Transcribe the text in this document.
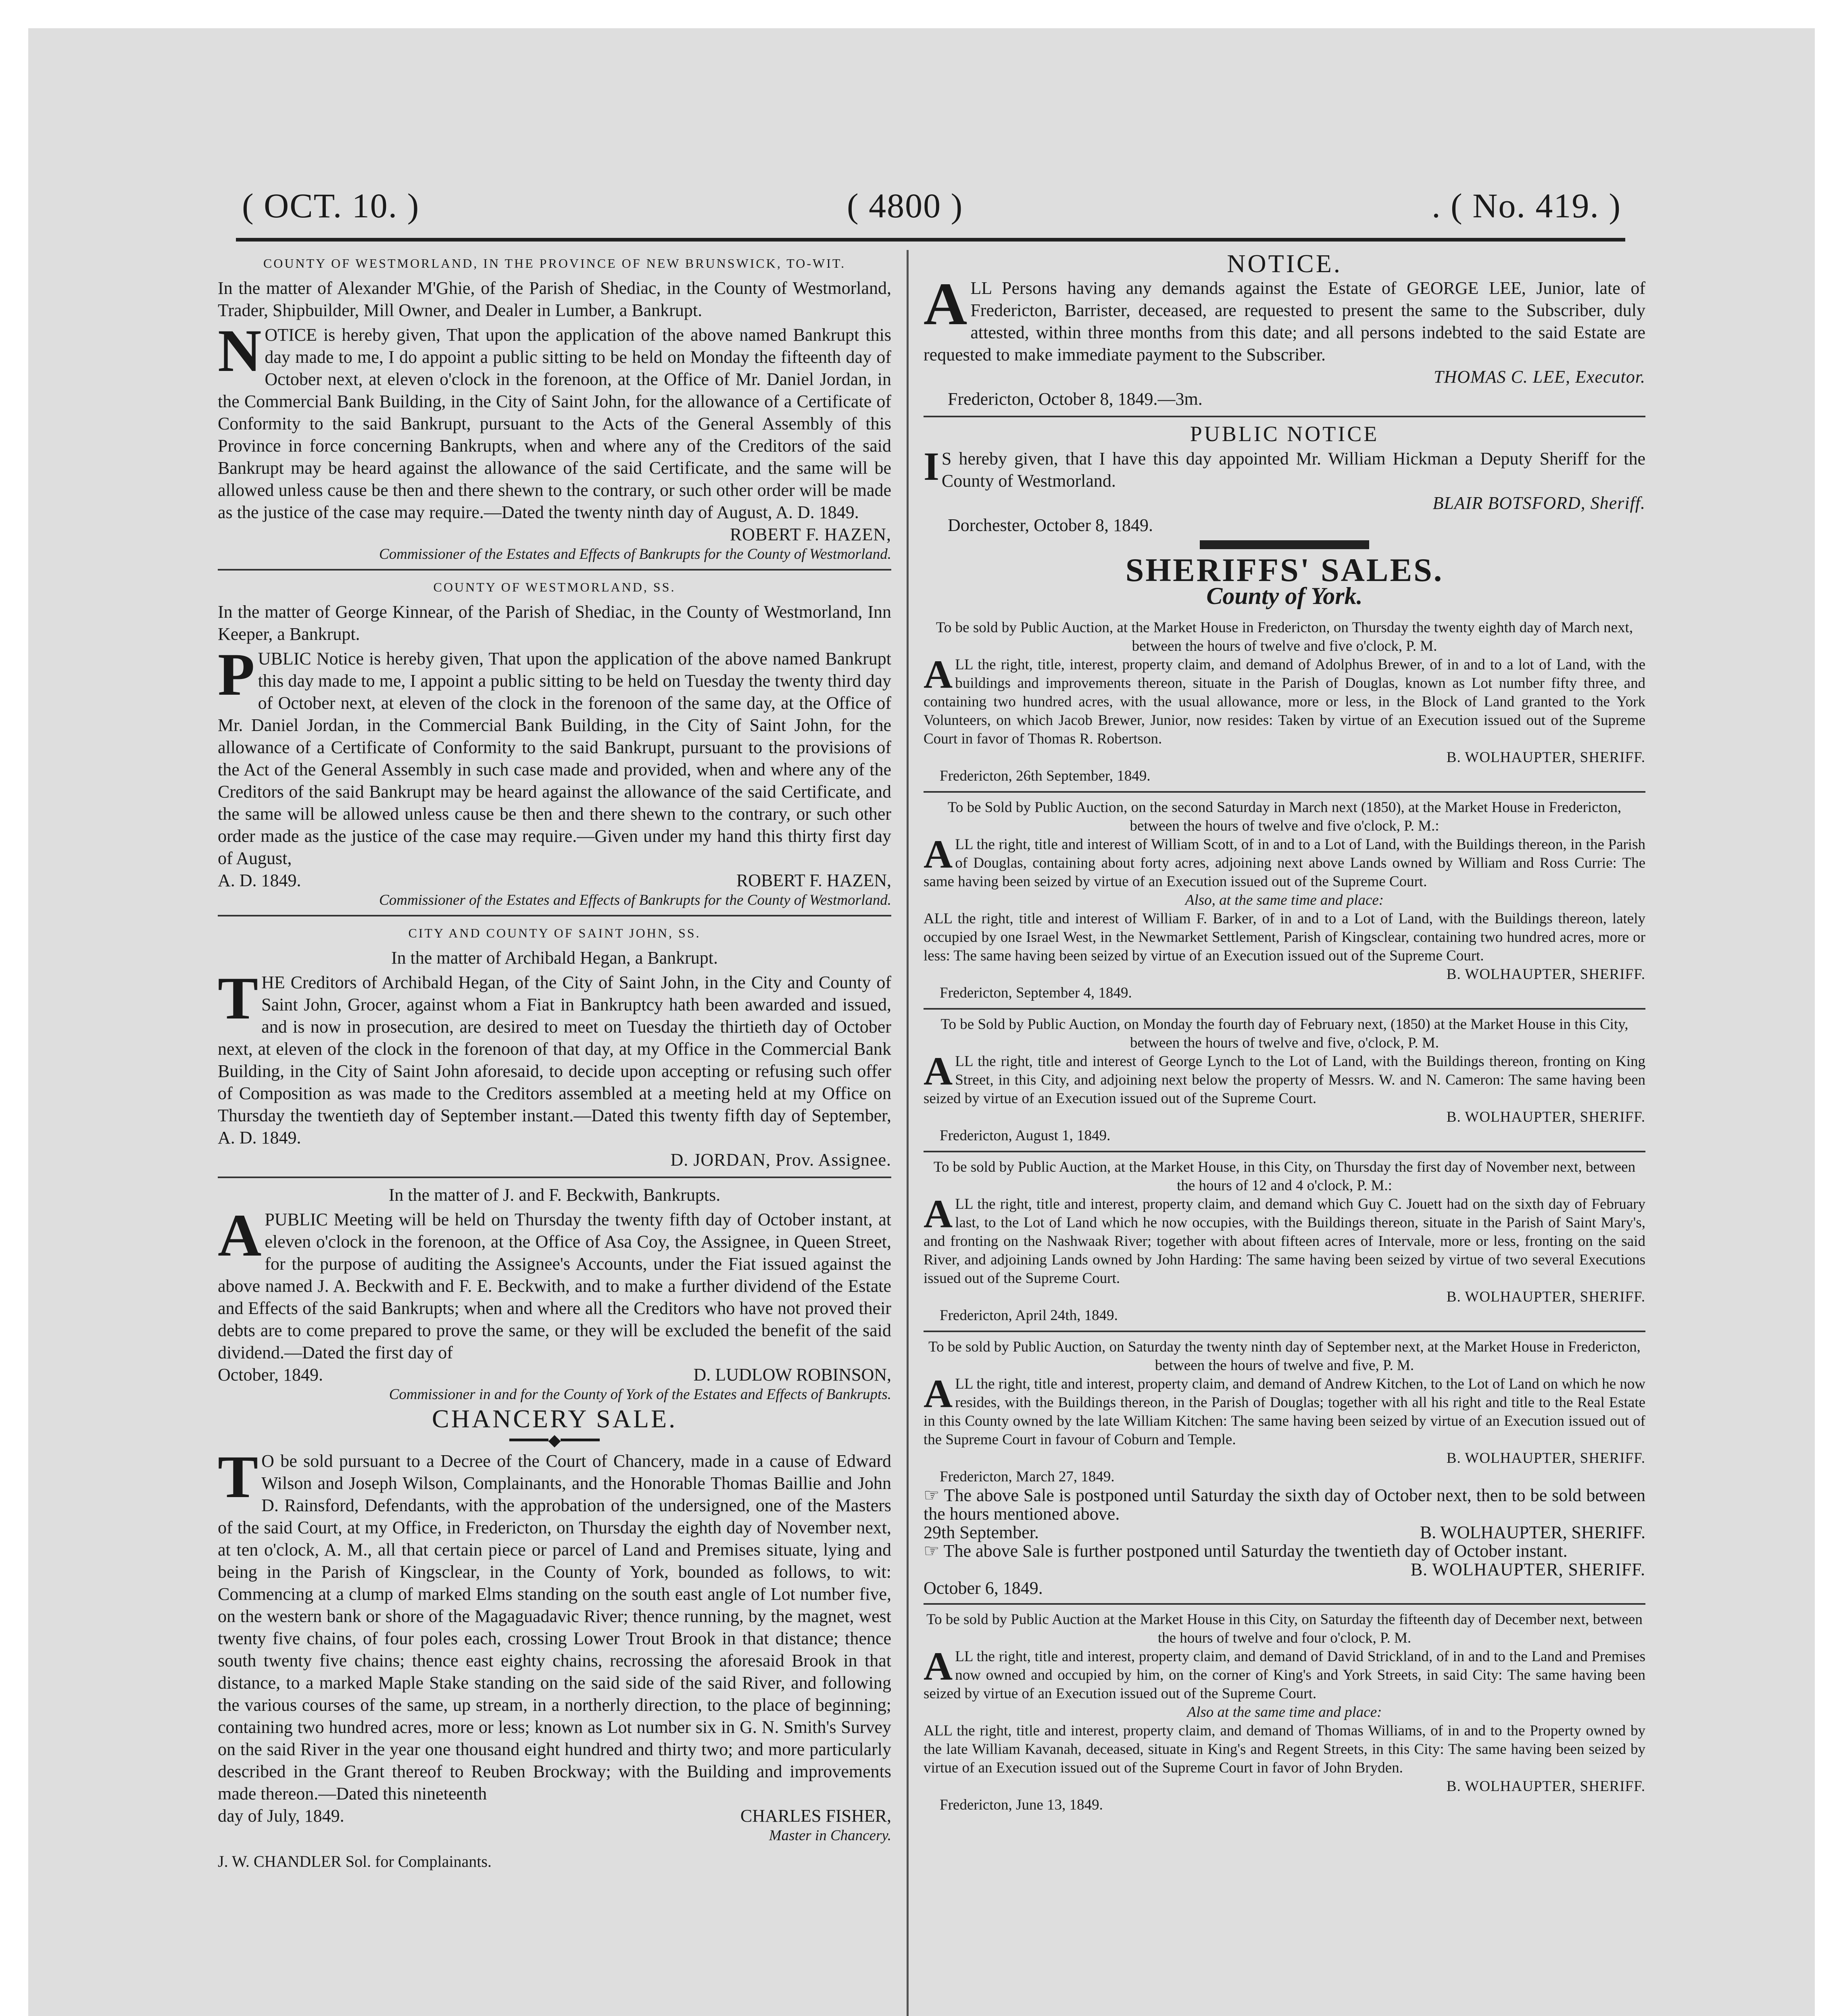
( OCT. 10. )	( 4800 )	. ( No. 419. )

COUNTY OF WESTMORLAND, IN THE PROVINCE OF NEW BRUNSWICK, TO-WIT.

In the matter of Alexander M'Ghie, of the Parish of Shediac, in the County of Westmorland, Trader, Shipbuilder, Mill Owner, and Dealer in Lumber, a Bankrupt.

NOTICE is hereby given, That upon the application of the above named Bankrupt this day made to me, I do appoint a public sitting to be held on Monday the fifteenth day of October next, at eleven o'clock in the forenoon, at the Office of Mr. Daniel Jordan, in the Commercial Bank Building, in the City of Saint John, for the allowance of a Certificate of Conformity to the said Bankrupt, pursuant to the Acts of the General Assembly of this Province in force concerning Bankrupts, when and where any of the Creditors of the said Bankrupt may be heard against the allowance of the said Certificate, and the same will be allowed unless cause be then and there shewn to the contrary, or such other order will be made as the justice of the case may require.—Dated the twenty ninth day of August, A. D. 1849.

ROBERT F. HAZEN,

Commissioner of the Estates and Effects of Bankrupts for the County of Westmorland.

COUNTY OF WESTMORLAND, SS.

In the matter of George Kinnear, of the Parish of Shediac, in the County of Westmorland, Inn Keeper, a Bankrupt.

PUBLIC Notice is hereby given, That upon the application of the above named Bankrupt this day made to me, I appoint a public sitting to be held on Tuesday the twenty third day of October next, at eleven of the clock in the forenoon of the same day, at the Office of Mr. Daniel Jordan, in the Commercial Bank Building, in the City of Saint John, for the allowance of a Certificate of Conformity to the said Bankrupt, pursuant to the provisions of the Act of the General Assembly in such case made and provided, when and where any of the Creditors of the said Bankrupt may be heard against the allowance of the said Certificate, and the same will be allowed unless cause be then and there shewn to the contrary, or such other order made as the justice of the case may require.—Given under my hand this thirty first day of August,

A. D. 1849.	ROBERT F. HAZEN,

Commissioner of the Estates and Effects of Bankrupts for the County of Westmorland.

CITY AND COUNTY OF SAINT JOHN, SS.

In the matter of Archibald Hegan, a Bankrupt.

THE Creditors of Archibald Hegan, of the City of Saint John, in the City and County of Saint John, Grocer, against whom a Fiat in Bankruptcy hath been awarded and issued, and is now in prosecution, are desired to meet on Tuesday the thirtieth day of October next, at eleven of the clock in the forenoon of that day, at my Office in the Commercial Bank Building, in the City of Saint John aforesaid, to decide upon accepting or refusing such offer of Composition as was made to the Creditors assembled at a meeting held at my Office on Thursday the twentieth day of September instant.—Dated this twenty fifth day of September, A. D. 1849.

D. JORDAN, Prov. Assignee.

In the matter of J. and F. Beckwith, Bankrupts.

APUBLIC Meeting will be held on Thursday the twenty fifth day of October instant, at eleven o'clock in the forenoon, at the Office of Asa Coy, the Assignee, in Queen Street, for the purpose of auditing the Assignee's Accounts, under the Fiat issued against the above named J. A. Beckwith and F. E. Beckwith, and to make a further dividend of the Estate and Effects of the said Bankrupts; when and where all the Creditors who have not proved their debts are to come prepared to prove the same, or they will be excluded the benefit of the said dividend.—Dated the first day of

October, 1849.	D. LUDLOW ROBINSON,

Commissioner in and for the County of York of the Estates and Effects of Bankrupts.

CHANCERY SALE.

━━━━◆━━━━

T O be sold pursuant to a Decree of the Court of Chancery, made in a cause of Edward Wilson and Joseph Wilson, Complainants, and the Honorable Thomas Baillie and John D. Rainsford, Defendants, with the approbation of the undersigned, one of the Masters of the said Court, at my Office, in Fredericton, on Thursday the eighth day of November next, at ten o'clock, A. M., all that certain piece or parcel of Land and Premises situate, lying and being in the Parish of Kingsclear, in the County of York, bounded as follows, to wit: Commencing at a clump of marked Elms standing on the south east angle of Lot number five, on the western bank or shore of the Magaguadavic River; thence running, by the magnet, west twenty five chains, of four poles each, crossing Lower Trout Brook in that distance; thence south twenty five chains; thence east eighty chains, recrossing the aforesaid Brook in that distance, to a marked Maple Stake standing on the said side of the said River, and following the various courses of the same, up stream, in a northerly direction, to the place of beginning; containing two hundred acres, more or less; known as Lot number six in G. N. Smith's Survey on the said River in the year one thousand eight hundred and thirty two; and more particularly described in the Grant thereof to Reuben Brockway; with the Building and improvements made thereon.—Dated this nineteenth

day of July, 1849.	CHARLES FISHER,

Master in Chancery.

J. W. CHANDLER Sol. for Complainants.

NOTICE.

ALL Persons having any demands against the Estate of GEORGE LEE, Junior, late of Fredericton, Barrister, deceased, are requested to present the same to the Subscriber, duly attested, within three months from this date; and all persons indebted to the said Estate are requested to make immediate payment to the Subscriber.

THOMAS C. LEE, Executor.

Fredericton, October 8, 1849.—3m.

PUBLIC NOTICE

I S hereby given, that I have this day appointed Mr. William Hickman a Deputy Sheriff for the County of Westmorland.

BLAIR BOTSFORD, Sheriff.

Dorchester, October 8, 1849.

SHERIFFS' SALES.

County of York.

To be sold by Public Auction, at the Market House in Fredericton, on Thursday the twenty eighth day of March next, between the hours of twelve and five o'clock, P. M.

ALL the right, title, interest, property claim, and demand of Adolphus Brewer, of in and to a lot of Land, with the buildings and improvements thereon, situate in the Parish of Douglas, known as Lot number fifty three, and containing two hundred acres, with the usual allowance, more or less, in the Block of Land granted to the York Volunteers, on which Jacob Brewer, Junior, now resides: Taken by virtue of an Execution issued out of the Supreme Court in favor of Thomas R. Robertson.

B. WOLHAUPTER, SHERIFF.

Fredericton, 26th September, 1849.

To be Sold by Public Auction, on the second Saturday in March next (1850), at the Market House in Fredericton, between the hours of twelve and five o'clock, P. M.:

ALL the right, title and interest of William Scott, of in and to a Lot of Land, with the Buildings thereon, in the Parish of Douglas, containing about forty acres, adjoining next above Lands owned by William and Ross Currie: The same having been seized by virtue of an Execution issued out of the Supreme Court.

Also, at the same time and place:

ALL the right, title and interest of William F. Barker, of in and to a Lot of Land, with the Buildings thereon, lately occupied by one Israel West, in the Newmarket Settlement, Parish of Kingsclear, containing two hundred acres, more or less: The same having been seized by virtue of an Execution issued out of the Supreme Court.

B. WOLHAUPTER, SHERIFF.

Fredericton, September 4, 1849.

To be Sold by Public Auction, on Monday the fourth day of February next, (1850) at the Market House in this City, between the hours of twelve and five, o'clock, P. M.

ALL the right, title and interest of George Lynch to the Lot of Land, with the Buildings thereon, fronting on King Street, in this City, and adjoining next below the property of Messrs. W. and N. Cameron: The same having been seized by virtue of an Execution issued out of the Supreme Court.

B. WOLHAUPTER, SHERIFF.

Fredericton, August 1, 1849.

To be sold by Public Auction, at the Market House, in this City, on Thursday the first day of November next, between the hours of 12 and 4 o'clock, P. M.:

ALL the right, title and interest, property claim, and demand which Guy C. Jouett had on the sixth day of February last, to the Lot of Land which he now occupies, with the Buildings thereon, situate in the Parish of Saint Mary's, and fronting on the Nashwaak River; together with about fifteen acres of Intervale, more or less, fronting on the said River, and adjoining Lands owned by John Harding: The same having been seized by virtue of two several Executions issued out of the Supreme Court.

B. WOLHAUPTER, SHERIFF.

Fredericton, April 24th, 1849.

To be sold by Public Auction, on Saturday the twenty ninth day of September next, at the Market House in Fredericton, between the hours of twelve and five, P. M.

ALL the right, title and interest, property claim, and demand of Andrew Kitchen, to the Lot of Land on which he now resides, with the Buildings thereon, in the Parish of Douglas; together with all his right and title to the Real Estate in this County owned by the late William Kitchen: The same having been seized by virtue of an Execution issued out of the Supreme Court in favour of Coburn and Temple.

B. WOLHAUPTER, SHERIFF.

Fredericton, March 27, 1849.

☞ The above Sale is postponed until Saturday the sixth day of October next, then to be sold between the hours mentioned above.

29th September.	B. WOLHAUPTER, SHERIFF.

☞ The above Sale is further postponed until Saturday the twentieth day of October instant.

B. WOLHAUPTER, SHERIFF.

October 6, 1849.

To be sold by Public Auction at the Market House in this City, on Saturday the fifteenth day of December next, between the hours of twelve and four o'clock, P. M.

ALL the right, title and interest, property claim, and demand of David Strickland, of in and to the Land and Premises now owned and occupied by him, on the corner of King's and York Streets, in said City: The same having been seized by virtue of an Execution issued out of the Supreme Court.

Also at the same time and place:

ALL the right, title and interest, property claim, and demand of Thomas Williams, of in and to the Property owned by the late William Kavanah, deceased, situate in King's and Regent Streets, in this City: The same having been seized by virtue of an Execution issued out of the Supreme Court in favor of John Bryden.

B. WOLHAUPTER, SHERIFF.

Fredericton, June 13, 1849.
